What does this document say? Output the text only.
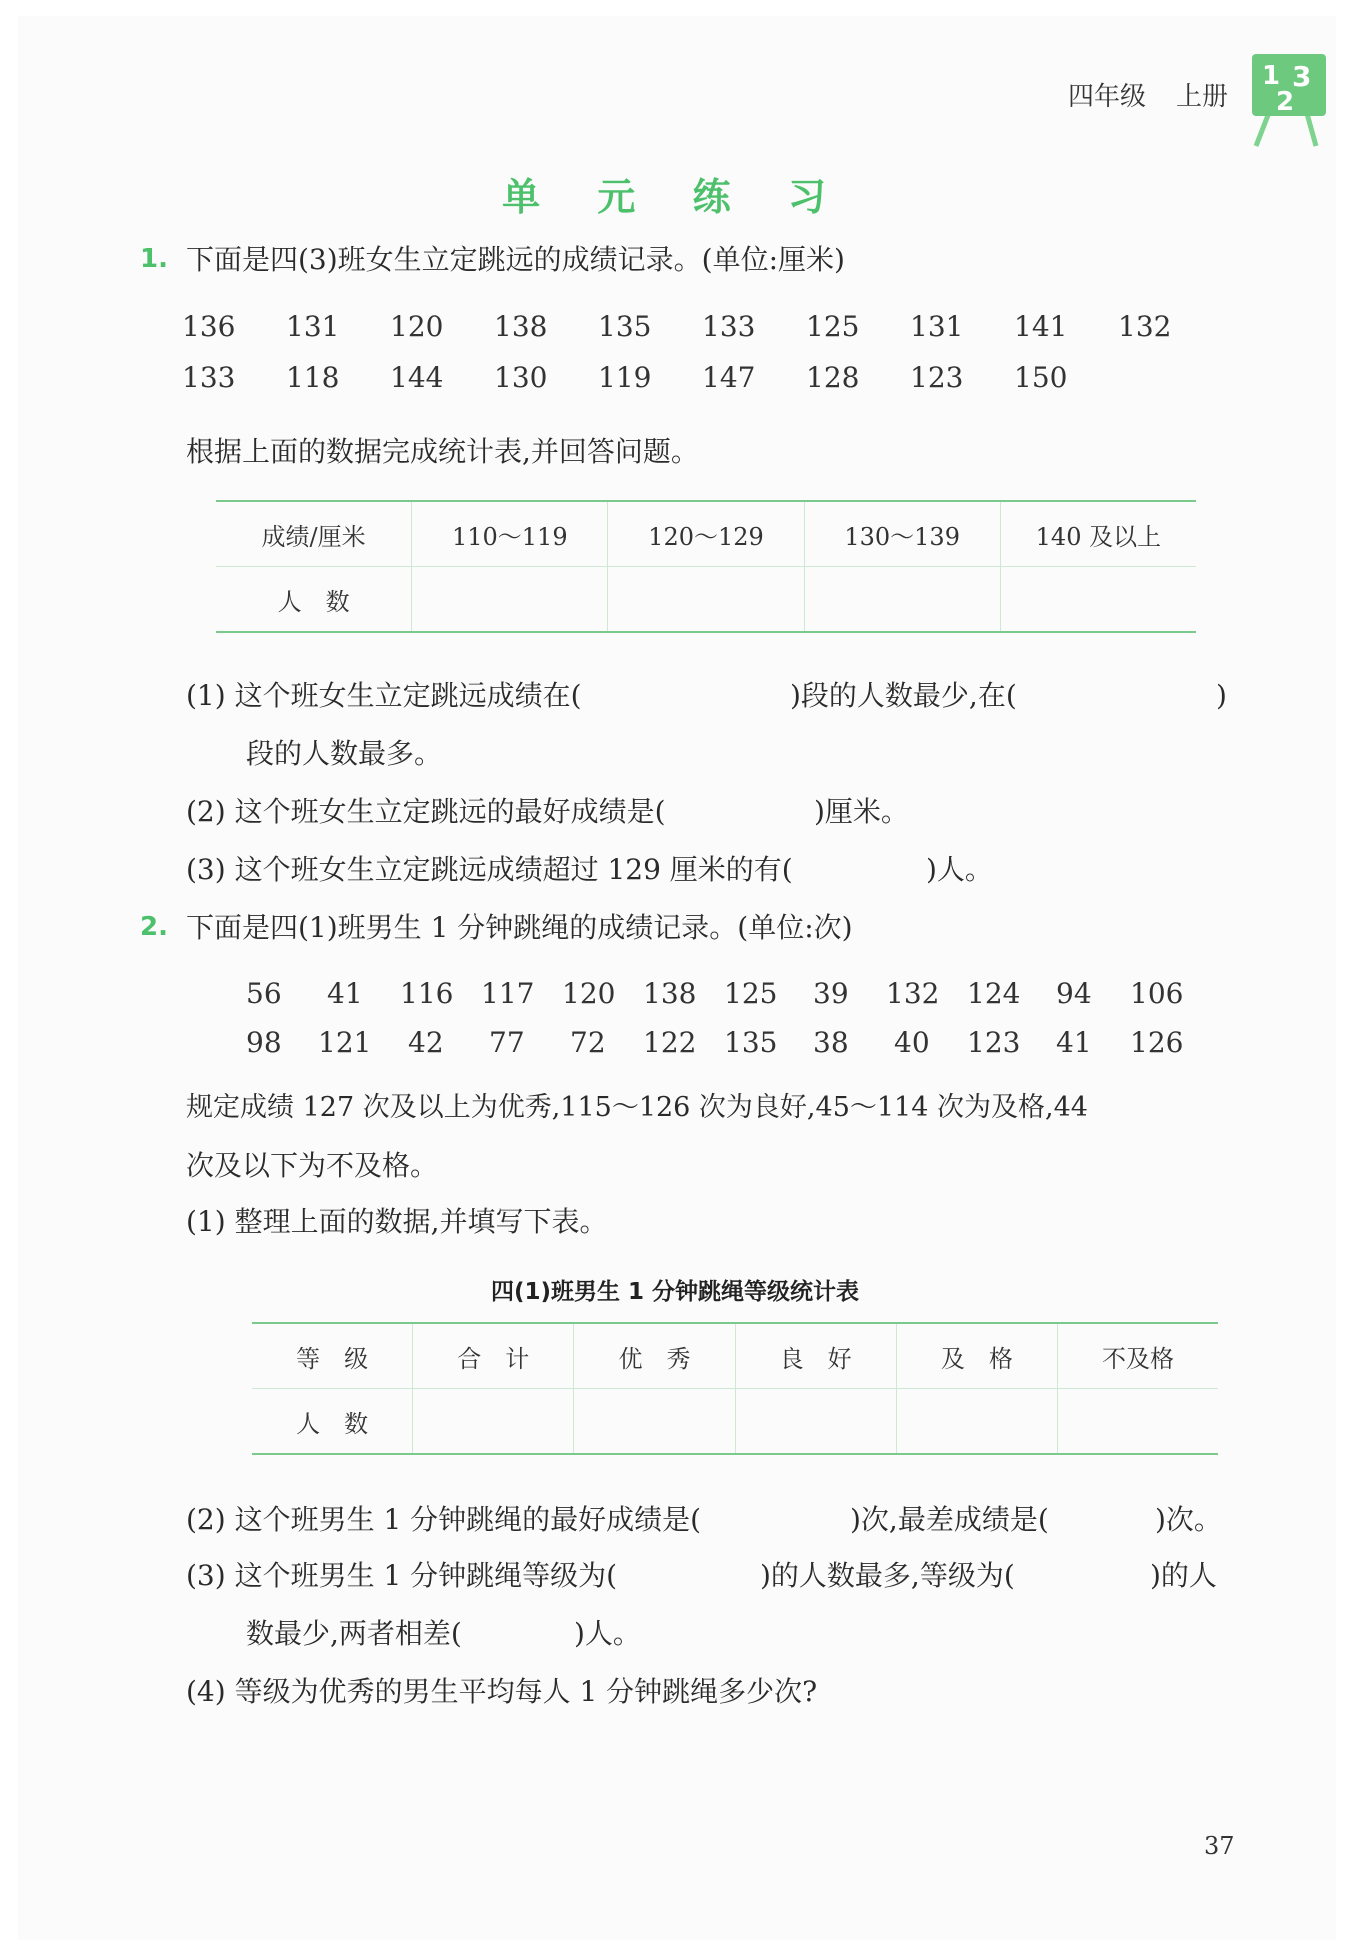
四年级 上册
1 3
2
单 元 练 习
1. 下面是四(3)班女生立定跳远的成绩记录。(单位:厘米)
136 131 120 138 135 133 125 131 141 132
133 118 144 130 119 147 128 123 150
根据上面的数据完成统计表,并回答问题。
成绩/厘米	110～119	120～129	130～139	140 及以上
人　数				
(1) 这个班女生立定跳远成绩在(	)段的人数最少,在(	)
段的人数最多。
(2) 这个班女生立定跳远的最好成绩是(	)厘米。
(3) 这个班女生立定跳远成绩超过 129 厘米的有(	)人。
2. 下面是四(1)班男生 1 分钟跳绳的成绩记录。(单位:次)
56 41 116 117 120 138 125 39 132 124 94 106
98 121 42 77 72 122 135 38 40 123 41 126
规定成绩 127 次及以上为优秀,115～126 次为良好,45～114 次为及格,44
次及以下为不及格。
(1) 整理上面的数据,并填写下表。
四(1)班男生 1 分钟跳绳等级统计表
等　级	合　计	优　秀	良　好	及　格	不及格
人　数					
(2) 这个班男生 1 分钟跳绳的最好成绩是(	)次,最差成绩是(	)次。
(3) 这个班男生 1 分钟跳绳等级为(	)的人数最多,等级为(	)的人
数最少,两者相差(	)人。
(4) 等级为优秀的男生平均每人 1 分钟跳绳多少次?
37
